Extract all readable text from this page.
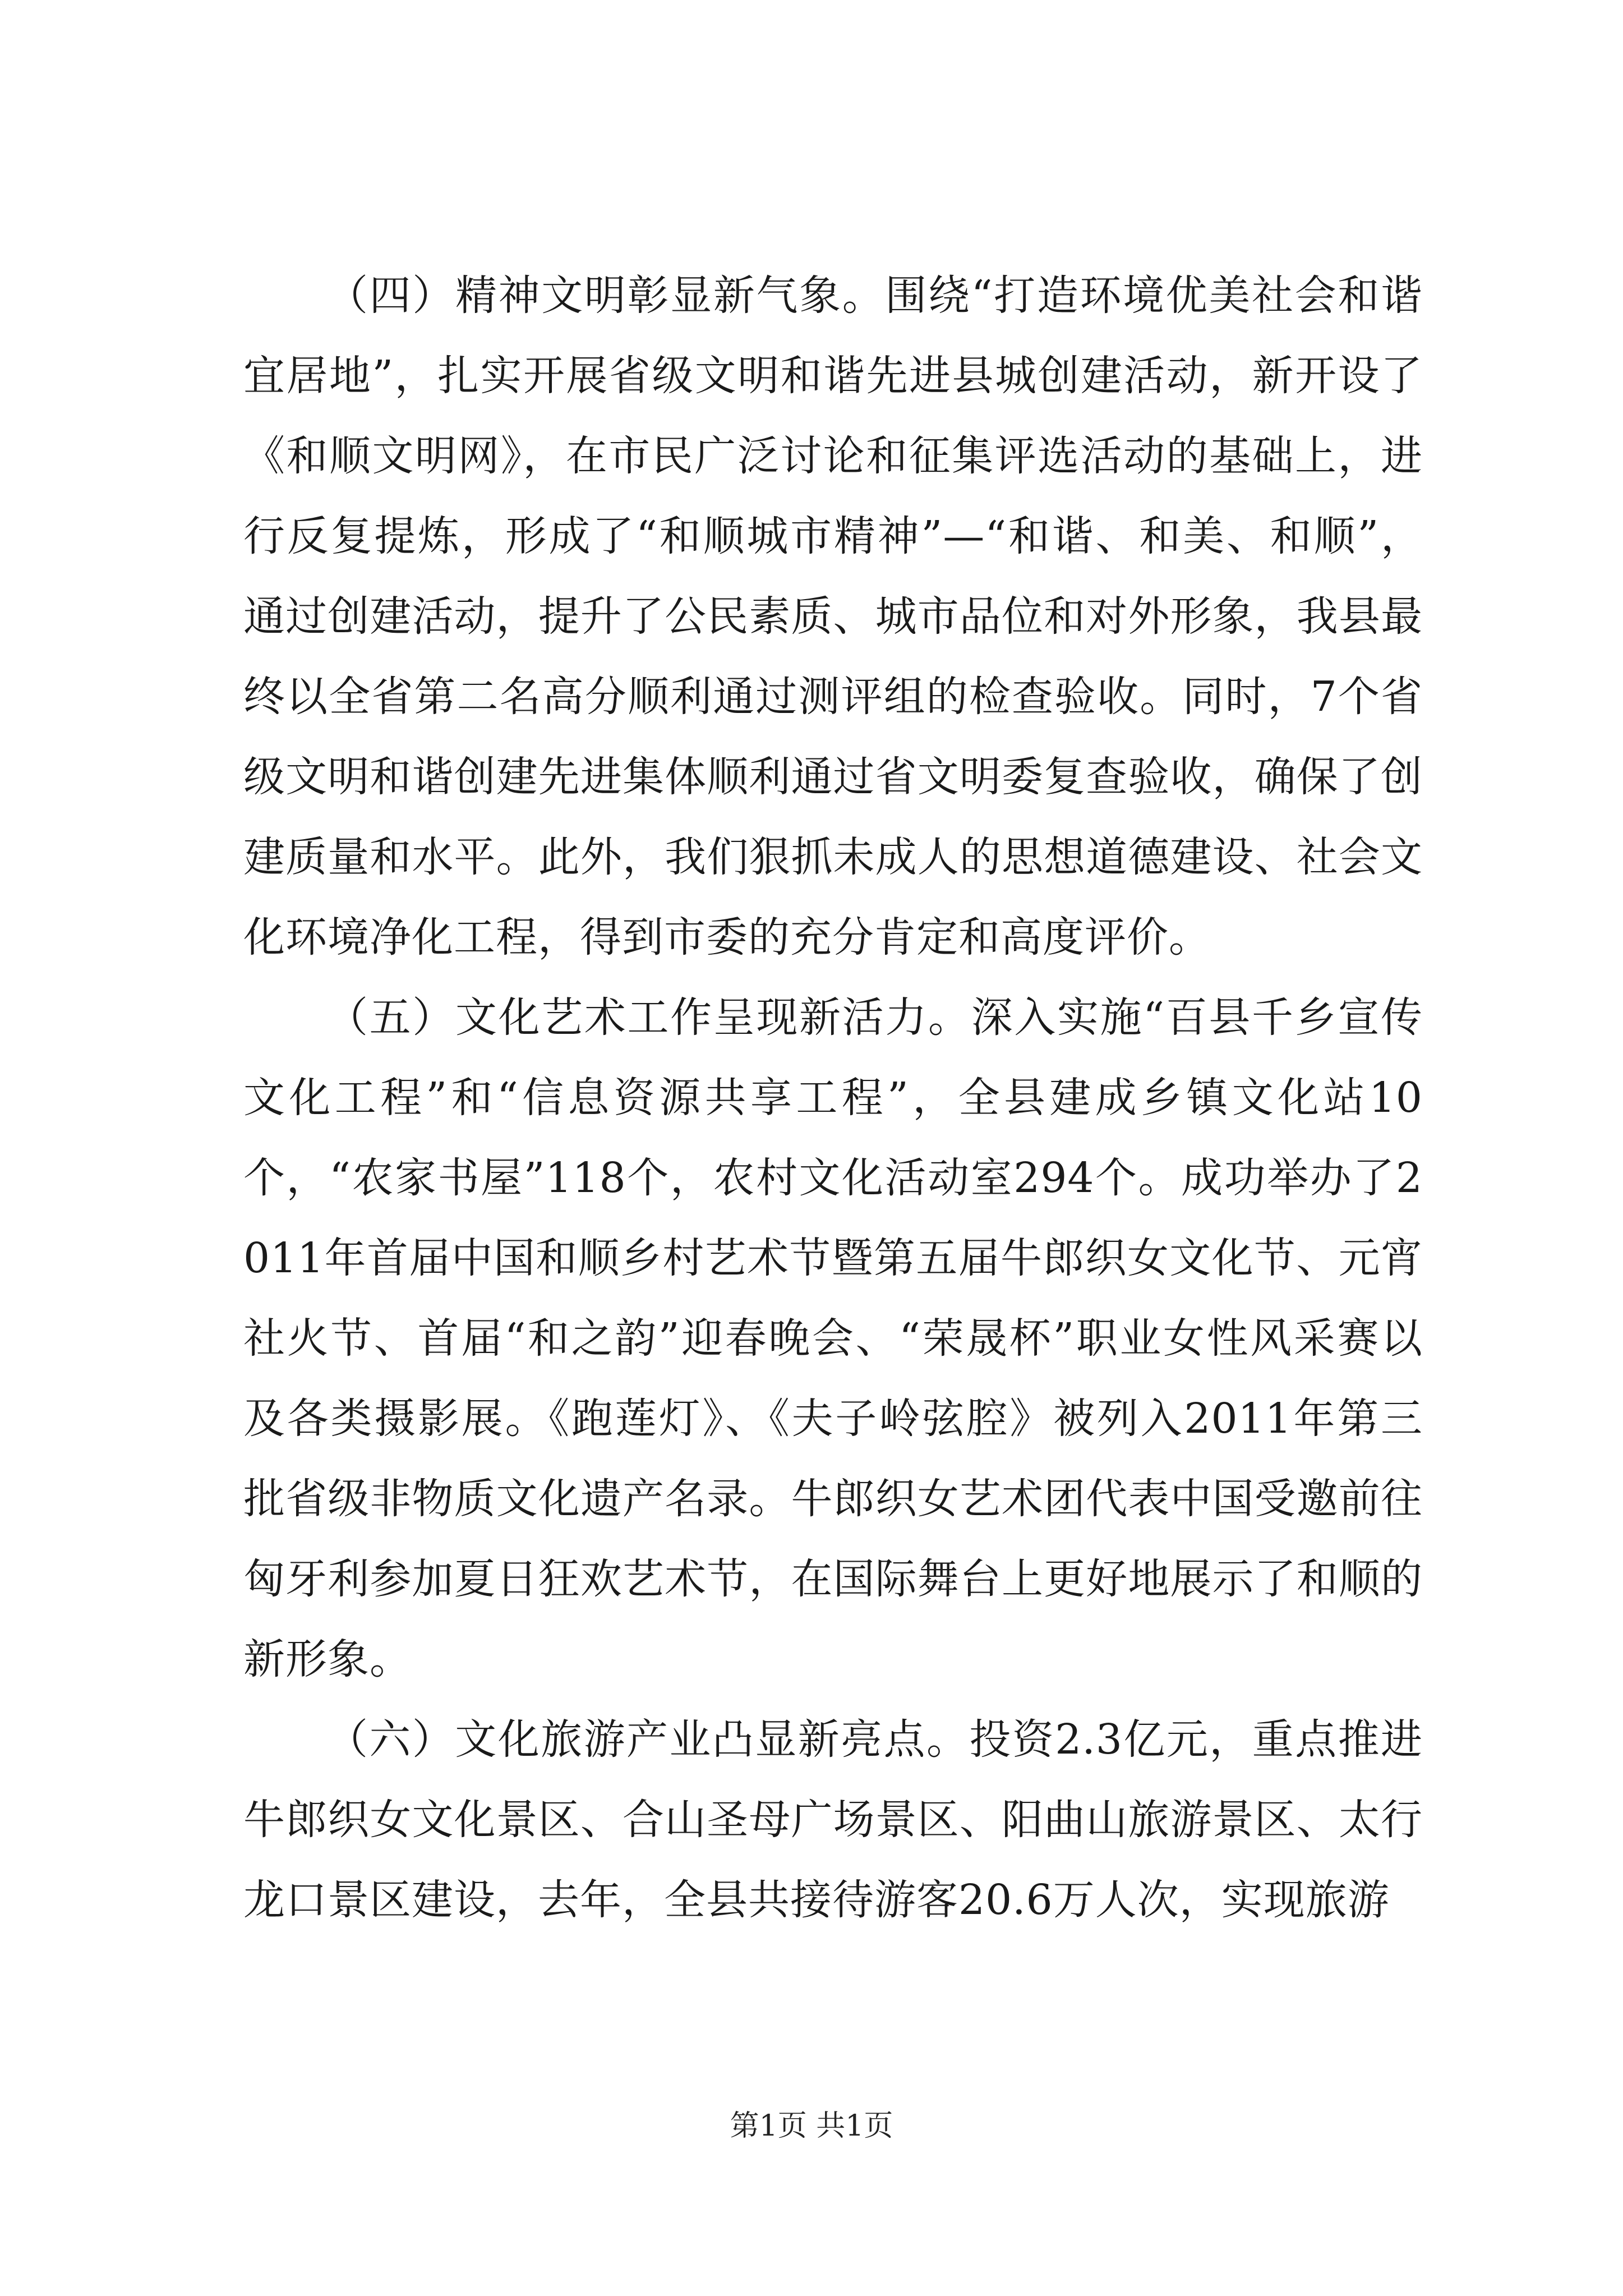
（四）精神文明彰显新气象。围绕“打造环境优美社会和谐宜居地”，扎实开展省级文明和谐先进县城创建活动，新开设了《和顺文明网》，在市民广泛讨论和征集评选活动的基础上，进行反复提炼，形成了“和顺城市精神”—“和谐、和美、和顺”，通过创建活动，提升了公民素质、城市品位和对外形象，我县最终以全省第二名高分顺利通过测评组的检查验收。同时，7个省级文明和谐创建先进集体顺利通过省文明委复查验收，确保了创建质量和水平。此外，我们狠抓未成人的思想道德建设、社会文化环境净化工程，得到市委的充分肯定和高度评价。

（五）文化艺术工作呈现新活力。深入实施“百县千乡宣传文化工程”和“信息资源共享工程”，全县建成乡镇文化站10个，“农家书屋”118个，农村文化活动室294个。成功举办了2011年首届中国和顺乡村艺术节暨第五届牛郎织女文化节、元宵社火节、首届“和之韵”迎春晚会、“荣晟杯”职业女性风采赛以及各类摄影展。《跑莲灯》、《夫子岭弦腔》被列入2011年第三批省级非物质文化遗产名录。牛郎织女艺术团代表中国受邀前往匈牙利参加夏日狂欢艺术节，在国际舞台上更好地展示了和顺的新形象。

（六）文化旅游产业凸显新亮点。投资2.3亿元，重点推进牛郎织女文化景区、合山圣母广场景区、阳曲山旅游景区、太行龙口景区建设，去年，全县共接待游客20.6万人次，实现旅游

第1页 共1页
